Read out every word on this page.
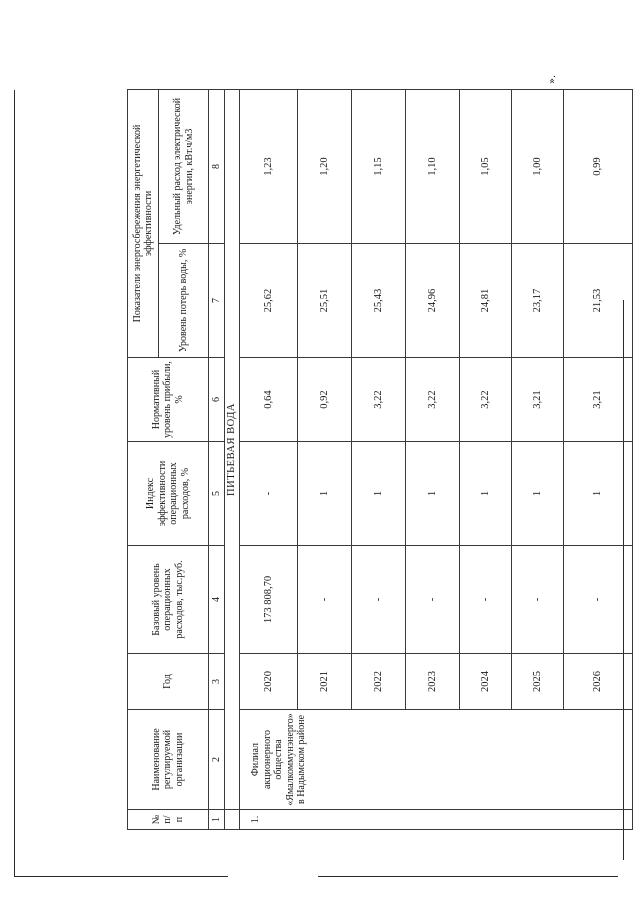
».
№ п/п	Наименование регулируемой организации	Год	Базовый уровень операционных расходов, тыс.руб.	Индекс эффективности операционных расходов, %	Нормативный уровень прибыли, %	Показатели энергосбережения энергетической эффективности	
						Уровень потерь воды, %	Удельный расход электрической энергии, кВт.ч/м3
1	2	3	4	5	6	7	8
	ПИТЬЕВАЯ ВОДА						
1.	Филиал акционерного общества «Ямалкоммунэнерго» в Надымском районе	2020	173 808,70	-	0,64	25,62	1,23
		2021	-	1	0,92	25,51	1,20
		2022	-	1	3,22	25,43	1,15
		2023	-	1	3,22	24,96	1,10
		2024	-	1	3,22	24,81	1,05
		2025	-	1	3,21	23,17	1,00
		2026	-	1	3,21	21,53	0,99
